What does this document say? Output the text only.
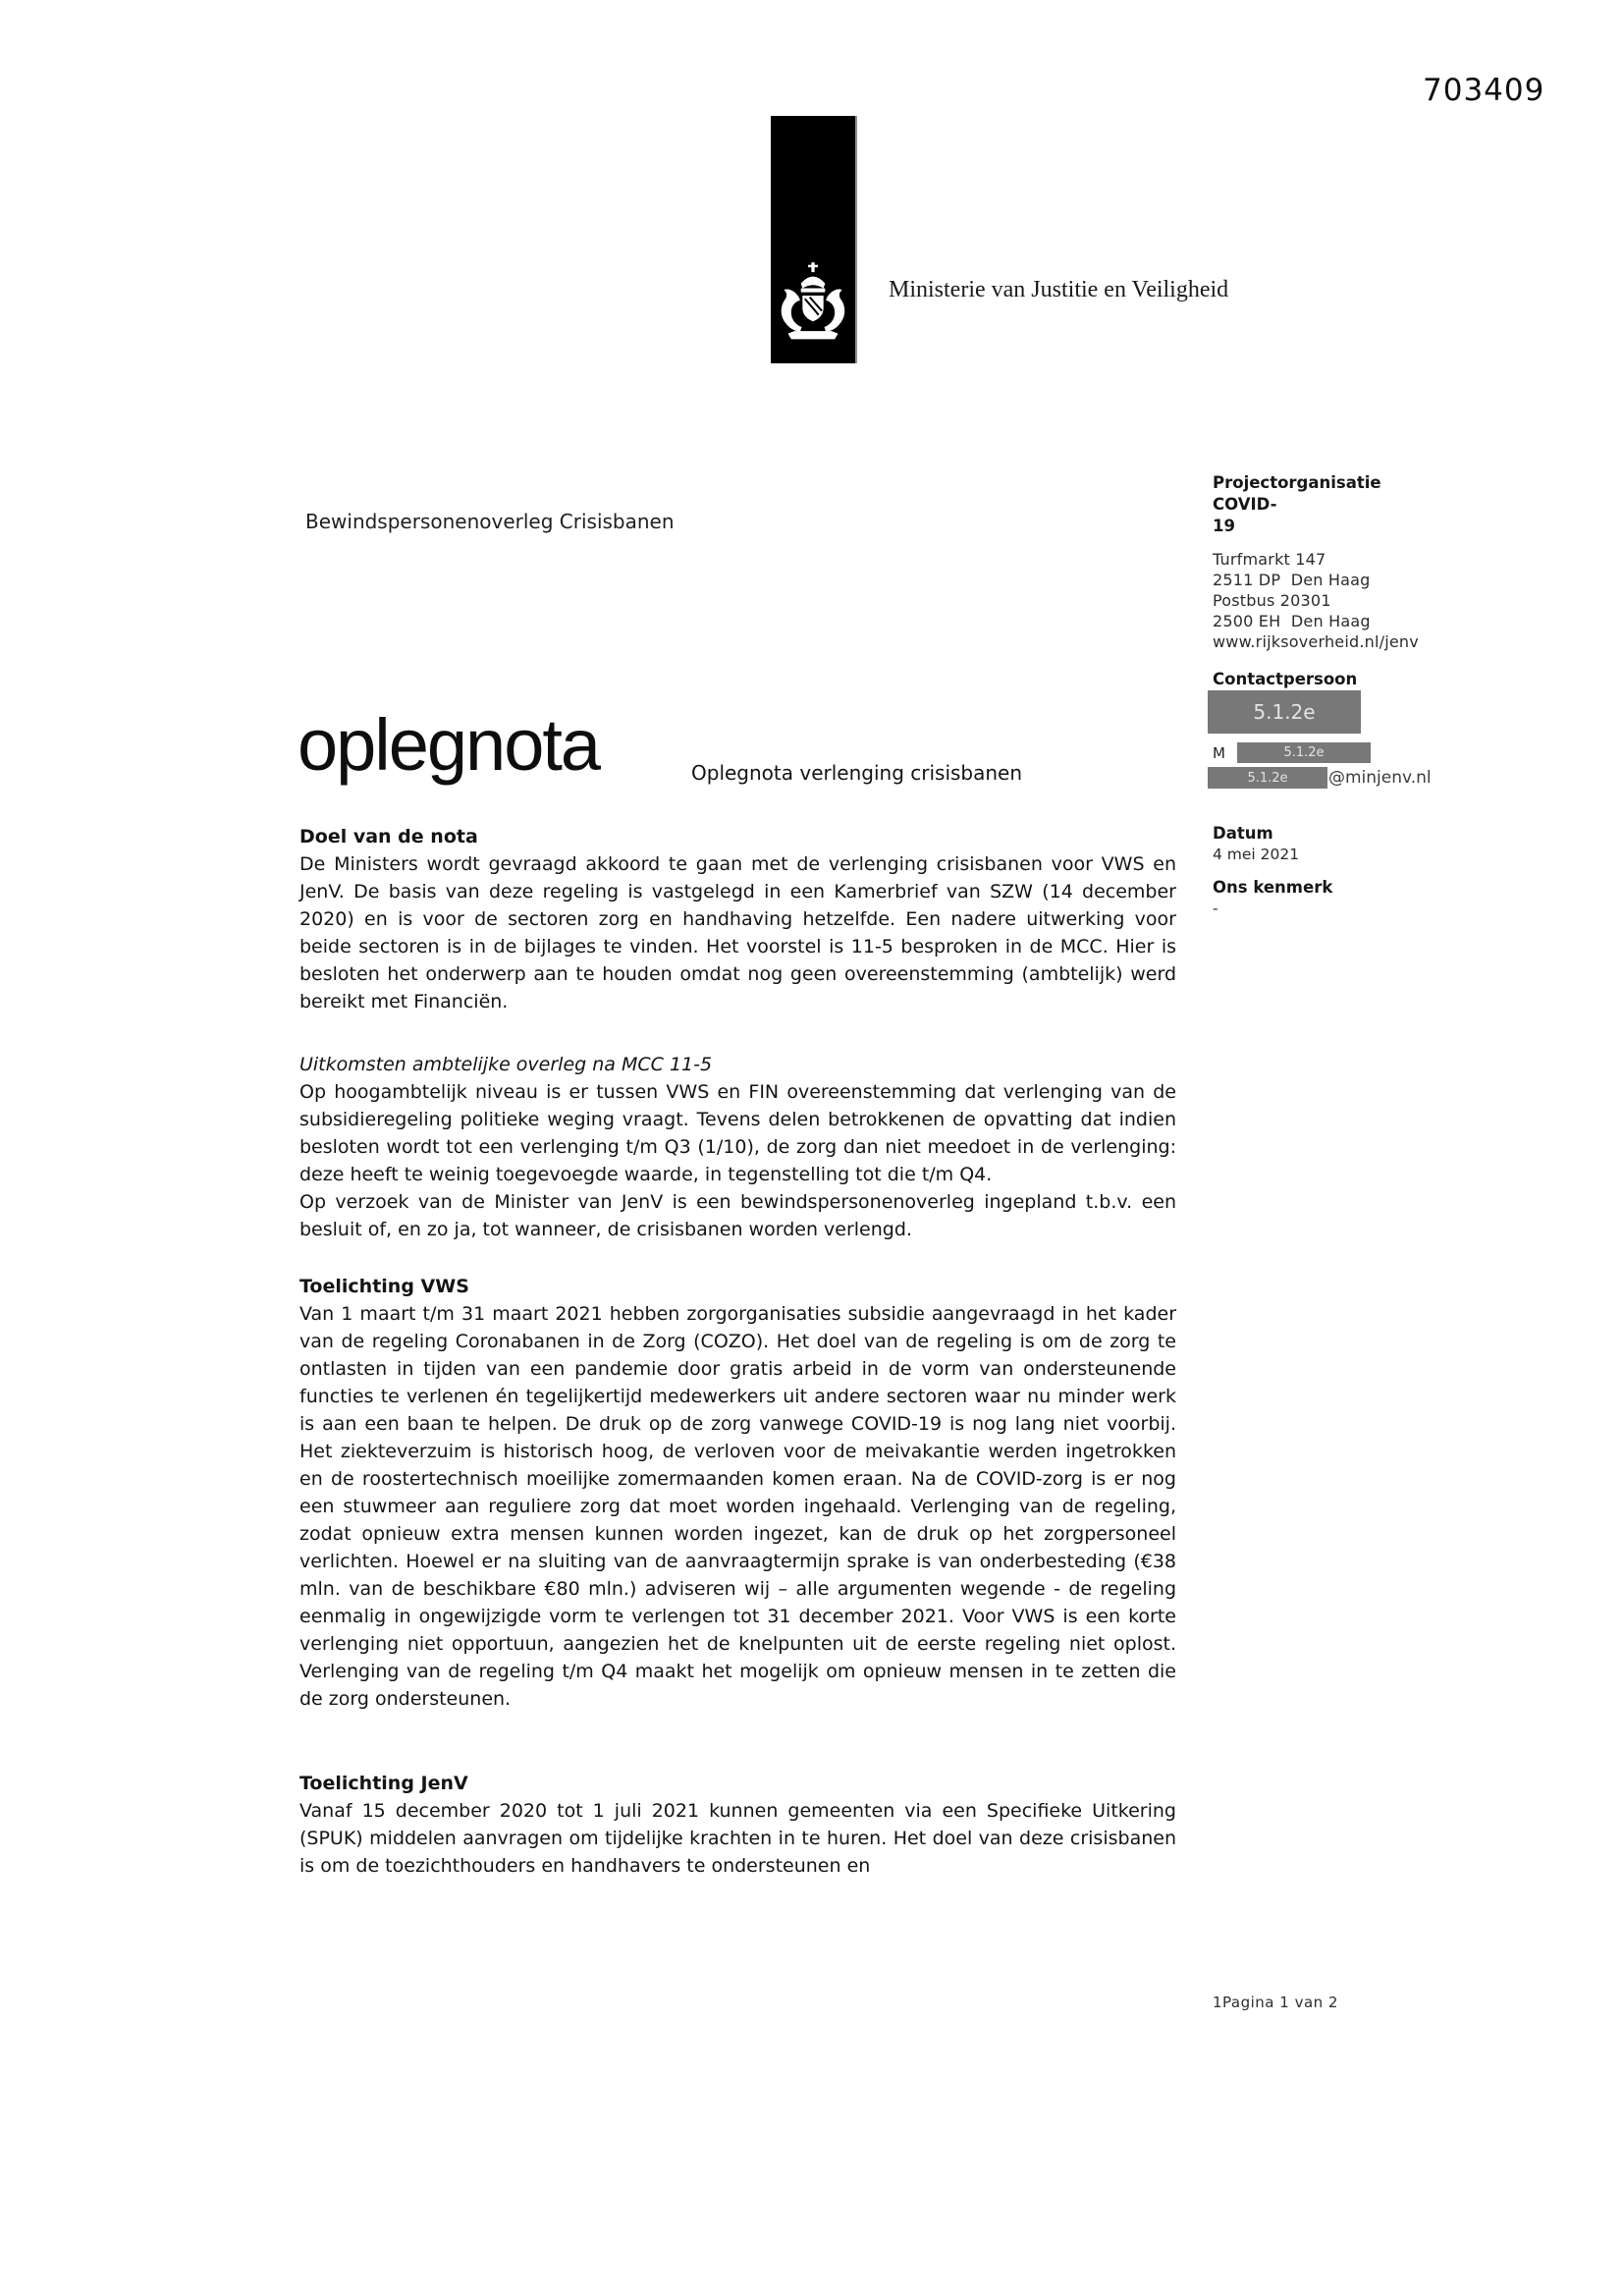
703409
Ministerie van Justitie en Veiligheid
Bewindspersonenoverleg Crisisbanen
Projectorganisatie COVID-
19
Turfmarkt 147
2511 DP  Den Haag
Postbus 20301
2500 EH  Den Haag
www.rijksoverheid.nl/jenv
Contactpersoon
5.1.2e
M	5.1.2e
5.1.2e	@minjenv.nl
Datum
4 mei 2021
Ons kenmerk
-
oplegnota	Oplegnota verlenging crisisbanen

Doel van de nota

De Ministers wordt gevraagd akkoord te gaan met de verlenging crisisbanen voor VWS en JenV. De basis van deze regeling is vastgelegd in een Kamerbrief van SZW (14 december 2020) en is voor de sectoren zorg en handhaving hetzelfde. Een nadere uitwerking voor beide sectoren is in de bijlages te vinden. Het voorstel is 11-5 besproken in de MCC. Hier is besloten het onderwerp aan te houden omdat nog geen overeenstemming (ambtelijk) werd bereikt met Financiën.

Uitkomsten ambtelijke overleg na MCC 11-5

Op hoogambtelijk niveau is er tussen VWS en FIN overeenstemming dat verlenging van de subsidieregeling politieke weging vraagt. Tevens delen betrokkenen de opvatting dat indien besloten wordt tot een verlenging t/m Q3 (1/10), de zorg dan niet meedoet in de verlenging: deze heeft te weinig toegevoegde waarde, in tegenstelling tot die t/m Q4.

Op verzoek van de Minister van JenV is een bewindspersonenoverleg ingepland t.b.v. een besluit of, en zo ja, tot wanneer, de crisisbanen worden verlengd.

Toelichting VWS

Van 1 maart t/m 31 maart 2021 hebben zorgorganisaties subsidie aangevraagd in het kader van de regeling Coronabanen in de Zorg (COZO). Het doel van de regeling is om de zorg te ontlasten in tijden van een pandemie door gratis arbeid in de vorm van ondersteunende functies te verlenen én tegelijkertijd medewerkers uit andere sectoren waar nu minder werk is aan een baan te helpen. De druk op de zorg vanwege COVID-19 is nog lang niet voorbij. Het ziekteverzuim is historisch hoog, de verloven voor de meivakantie werden ingetrokken en de roostertechnisch moeilijke zomermaanden komen eraan. Na de COVID-zorg is er nog een stuwmeer aan reguliere zorg dat moet worden ingehaald. Verlenging van de regeling, zodat opnieuw extra mensen kunnen worden ingezet, kan de druk op het zorgpersoneel verlichten. Hoewel er na sluiting van de aanvraagtermijn sprake is van onderbesteding (€38 mln. van de beschikbare €80 mln.) adviseren wij – alle argumenten wegende - de regeling eenmalig in ongewijzigde vorm te verlengen tot 31 december 2021. Voor VWS is een korte verlenging niet opportuun, aangezien het de knelpunten uit de eerste regeling niet oplost. Verlenging van de regeling t/m Q4 maakt het mogelijk om opnieuw mensen in te zetten die de zorg ondersteunen.

Toelichting JenV

Vanaf 15 december 2020 tot 1 juli 2021 kunnen gemeenten via een Specifieke Uitkering (SPUK) middelen aanvragen om tijdelijke krachten in te huren. Het doel van deze crisisbanen is om de toezichthouders en handhavers te ondersteunen en

1Pagina 1 van 2
